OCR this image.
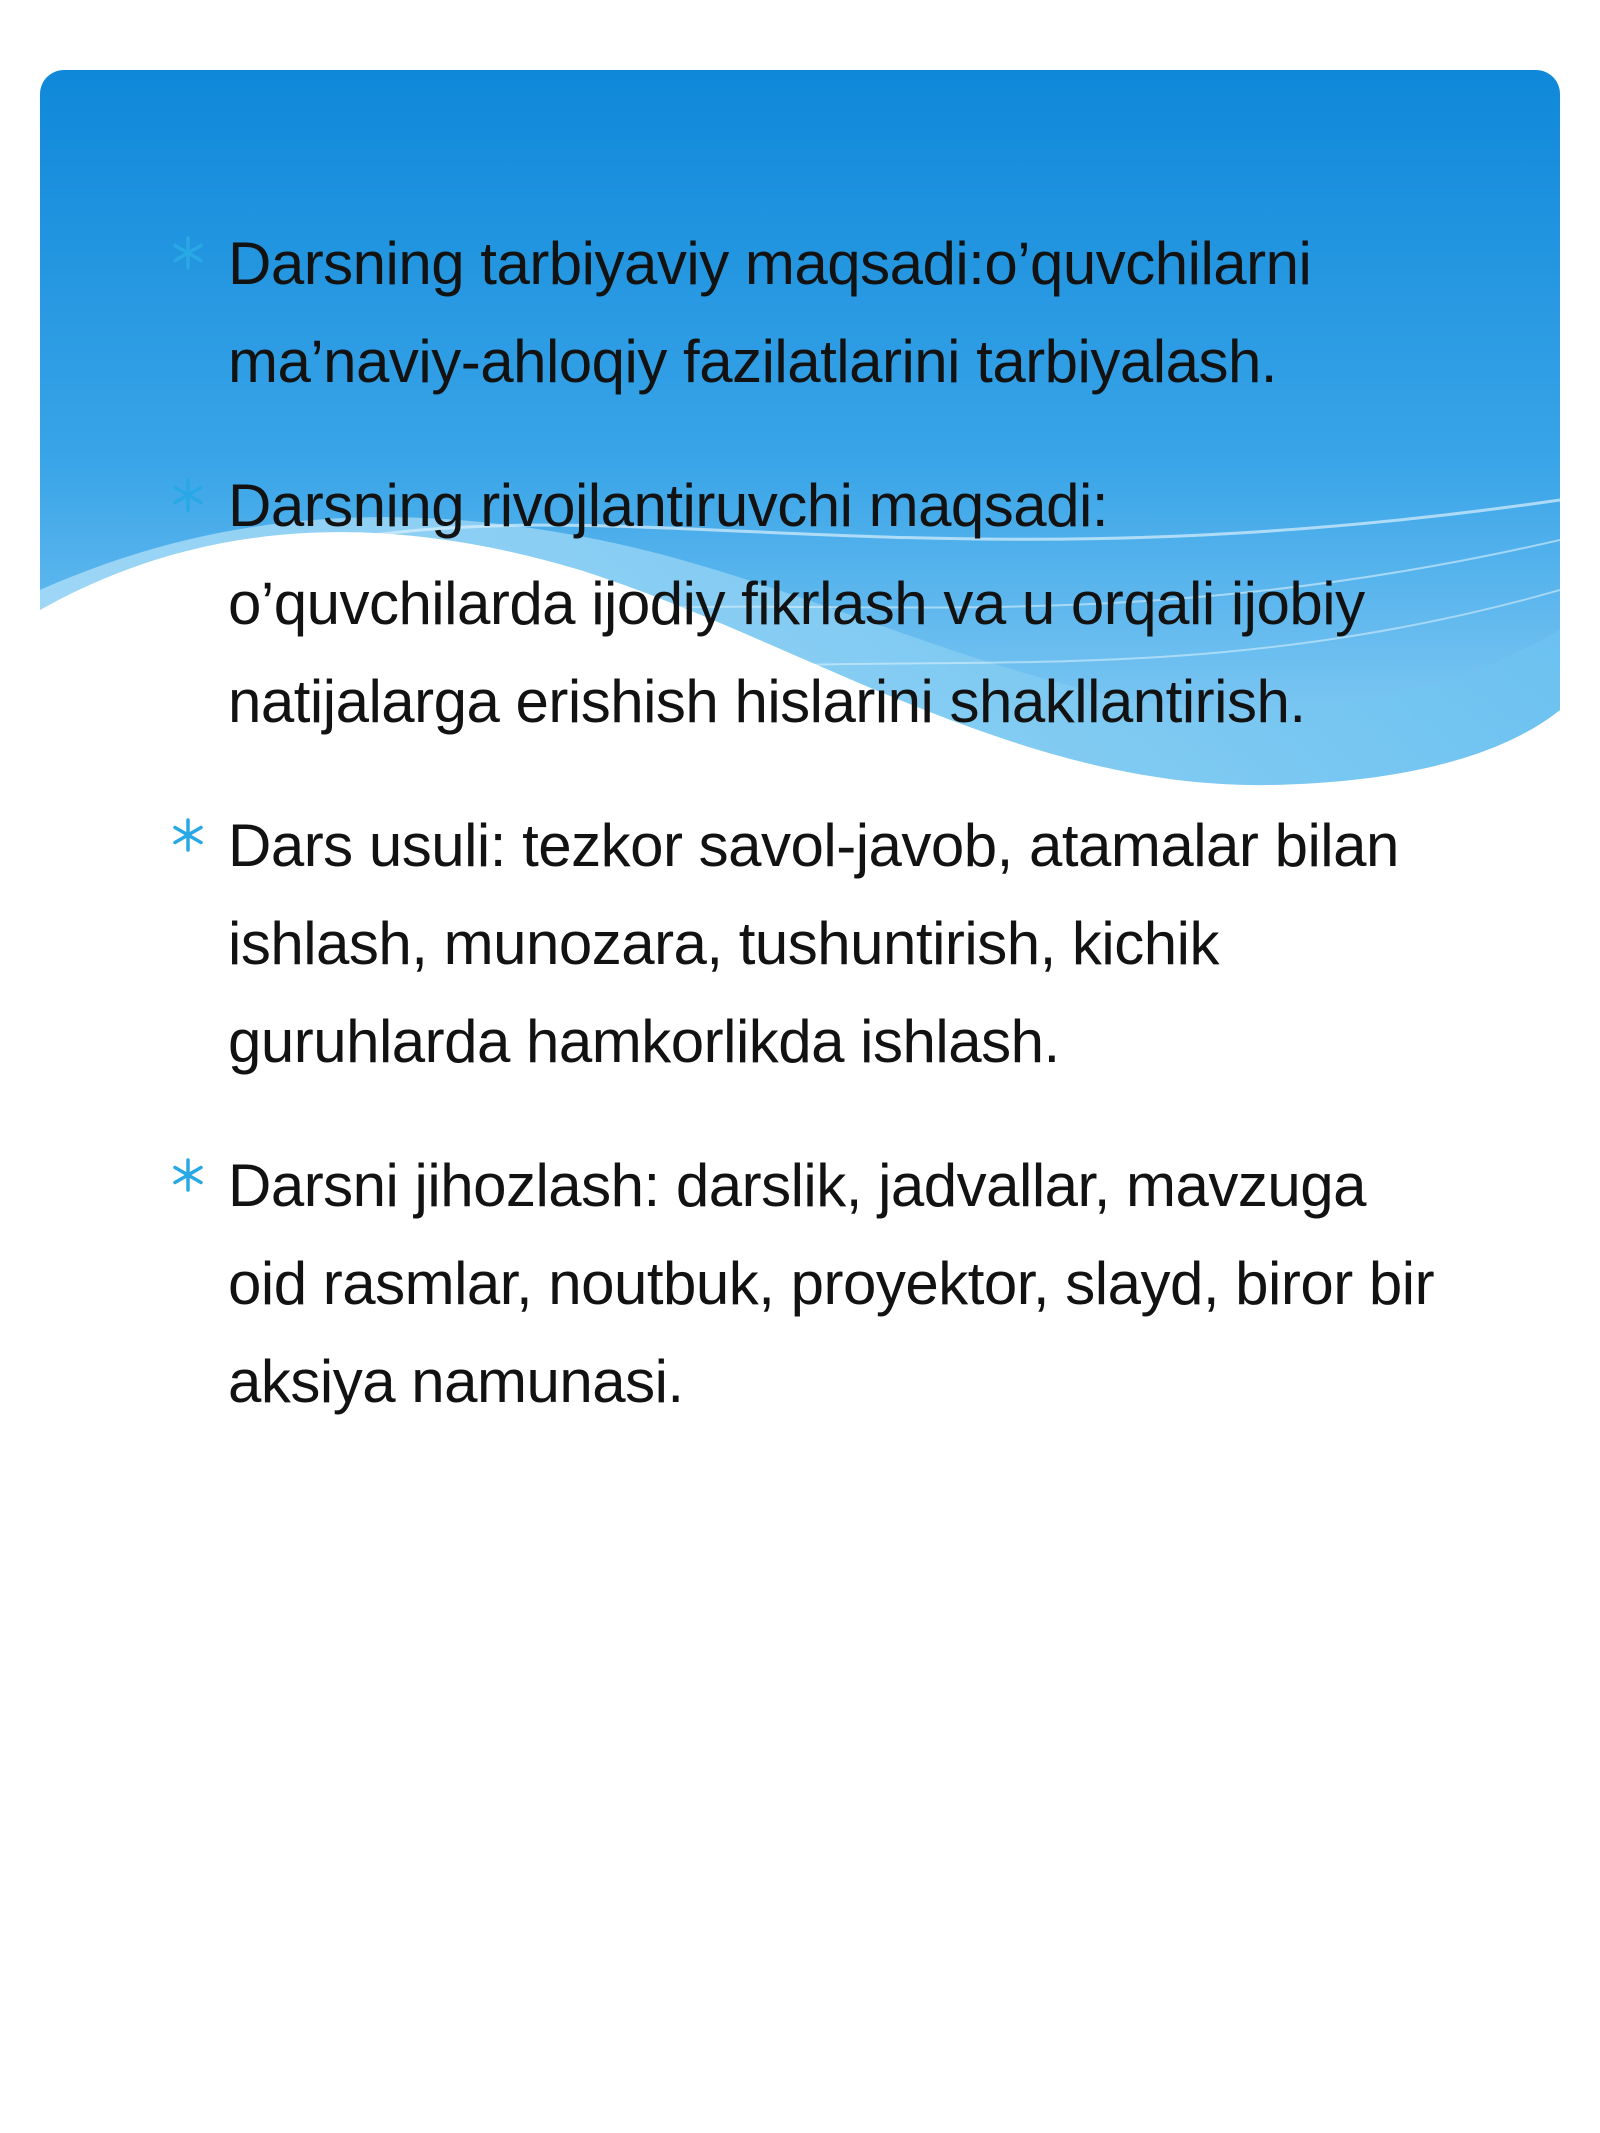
Darsning tarbiyaviy maqsadi:o’quvchilarni ma’naviy-ahloqiy fazilatlarini tarbiyalash.
Darsning rivojlantiruvchi maqsadi: o’quvchilarda ijodiy fikrlash va u orqali ijobiy natijalarga erishish hislarini shakllantirish.
Dars usuli: tezkor savol-javob, atamalar bilan ishlash, munozara, tushuntirish, kichik guruhlarda hamkorlikda ishlash.
Darsni jihozlash: darslik, jadvallar, mavzuga oid rasmlar, noutbuk, proyektor, slayd, biror bir aksiya namunasi.
